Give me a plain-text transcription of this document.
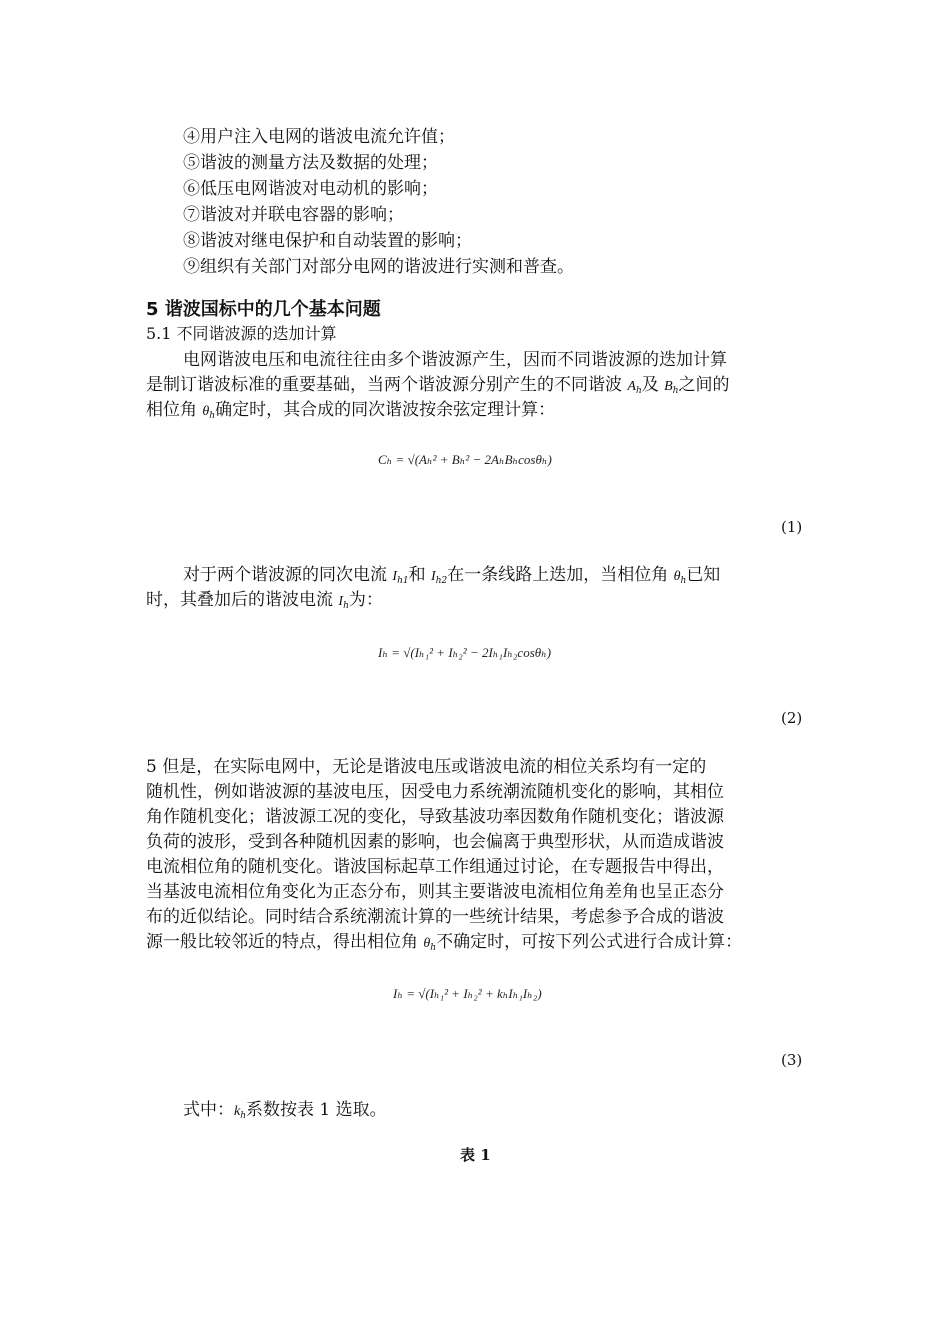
④用户注入电网的谐波电流允许值；
⑤谐波的测量方法及数据的处理；
⑥低压电网谐波对电动机的影响；
⑦谐波对并联电容器的影响；
⑧谐波对继电保护和自动装置的影响；
⑨组织有关部门对部分电网的谐波进行实测和普查。
5 谐波国标中的几个基本问题
5.1 不同谐波源的迭加计算
电网谐波电压和电流往往由多个谐波源产生，因而不同谐波源的迭加计算
是制订谐波标准的重要基础，当两个谐波源分别产生的不同谐波 $A_h$及 $B_h$之间的
相位角 $\theta_h$确定时，其合成的同次谐波按余弦定理计算：
Cₕ = √(Aₕ² + Bₕ² − 2AₕBₕcosθₕ)
(1)
对于两个谐波源的同次电流 $I_{h1}$和 $I_{h2}$在一条线路上迭加，当相位角 $\theta_h$已知
时，其叠加后的谐波电流 $I_h$为：
Iₕ = √(Iₕ₁² + Iₕ₂² − 2Iₕ₁Iₕ₂cosθₕ)
(2)
5 但是，在实际电网中，无论是谐波电压或谐波电流的相位关系均有一定的
随机性，例如谐波源的基波电压，因受电力系统潮流随机变化的影响，其相位
角作随机变化；谐波源工况的变化，导致基波功率因数角作随机变化；谐波源
负荷的波形，受到各种随机因素的影响，也会偏离于典型形状，从而造成谐波
电流相位角的随机变化。谐波国标起草工作组通过讨论，在专题报告中得出，
当基波电流相位角变化为正态分布，则其主要谐波电流相位角差角也呈正态分
布的近似结论。同时结合系统潮流计算的一些统计结果，考虑参予合成的谐波
源一般比较邻近的特点，得出相位角 $\theta_h$不确定时，可按下列公式进行合成计算：
Iₕ = √(Iₕ₁² + Iₕ₂² + kₕIₕ₁Iₕ₂)
(3)
式中：$k_h$系数按表 1 选取。
表 1
